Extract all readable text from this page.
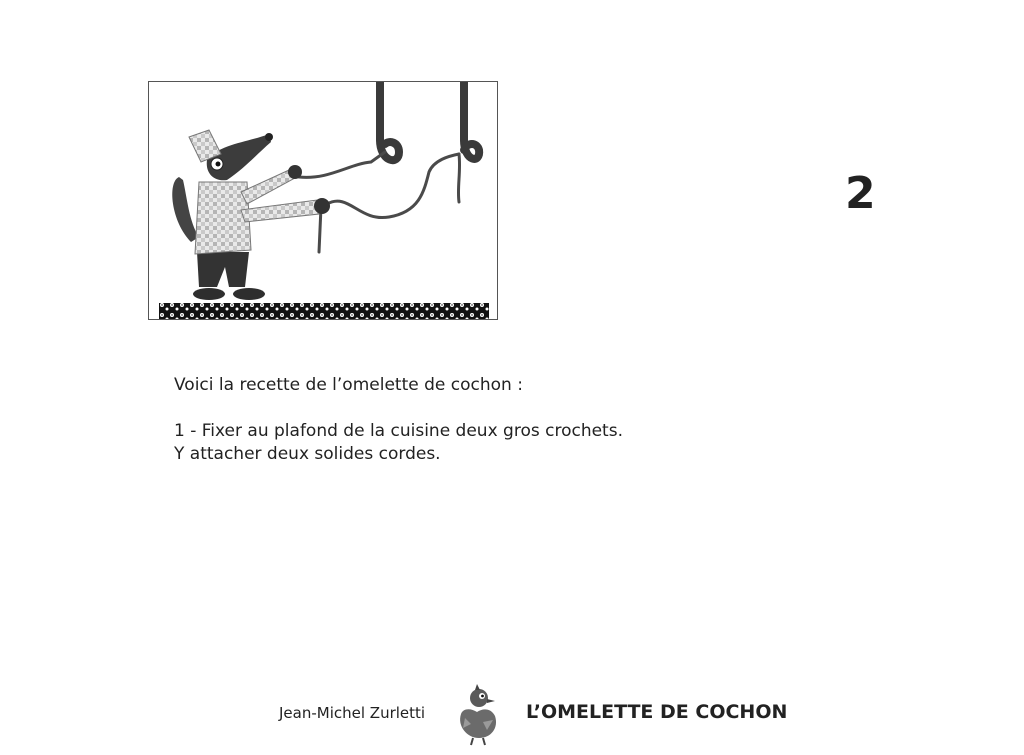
2

Voici la recette de l’omelette de cochon :

1 - Fixer au plafond de la cuisine deux gros crochets.

Y attacher deux solides cordes.

Jean-Michel Zurletti	L’OMELETTE DE COCHON
